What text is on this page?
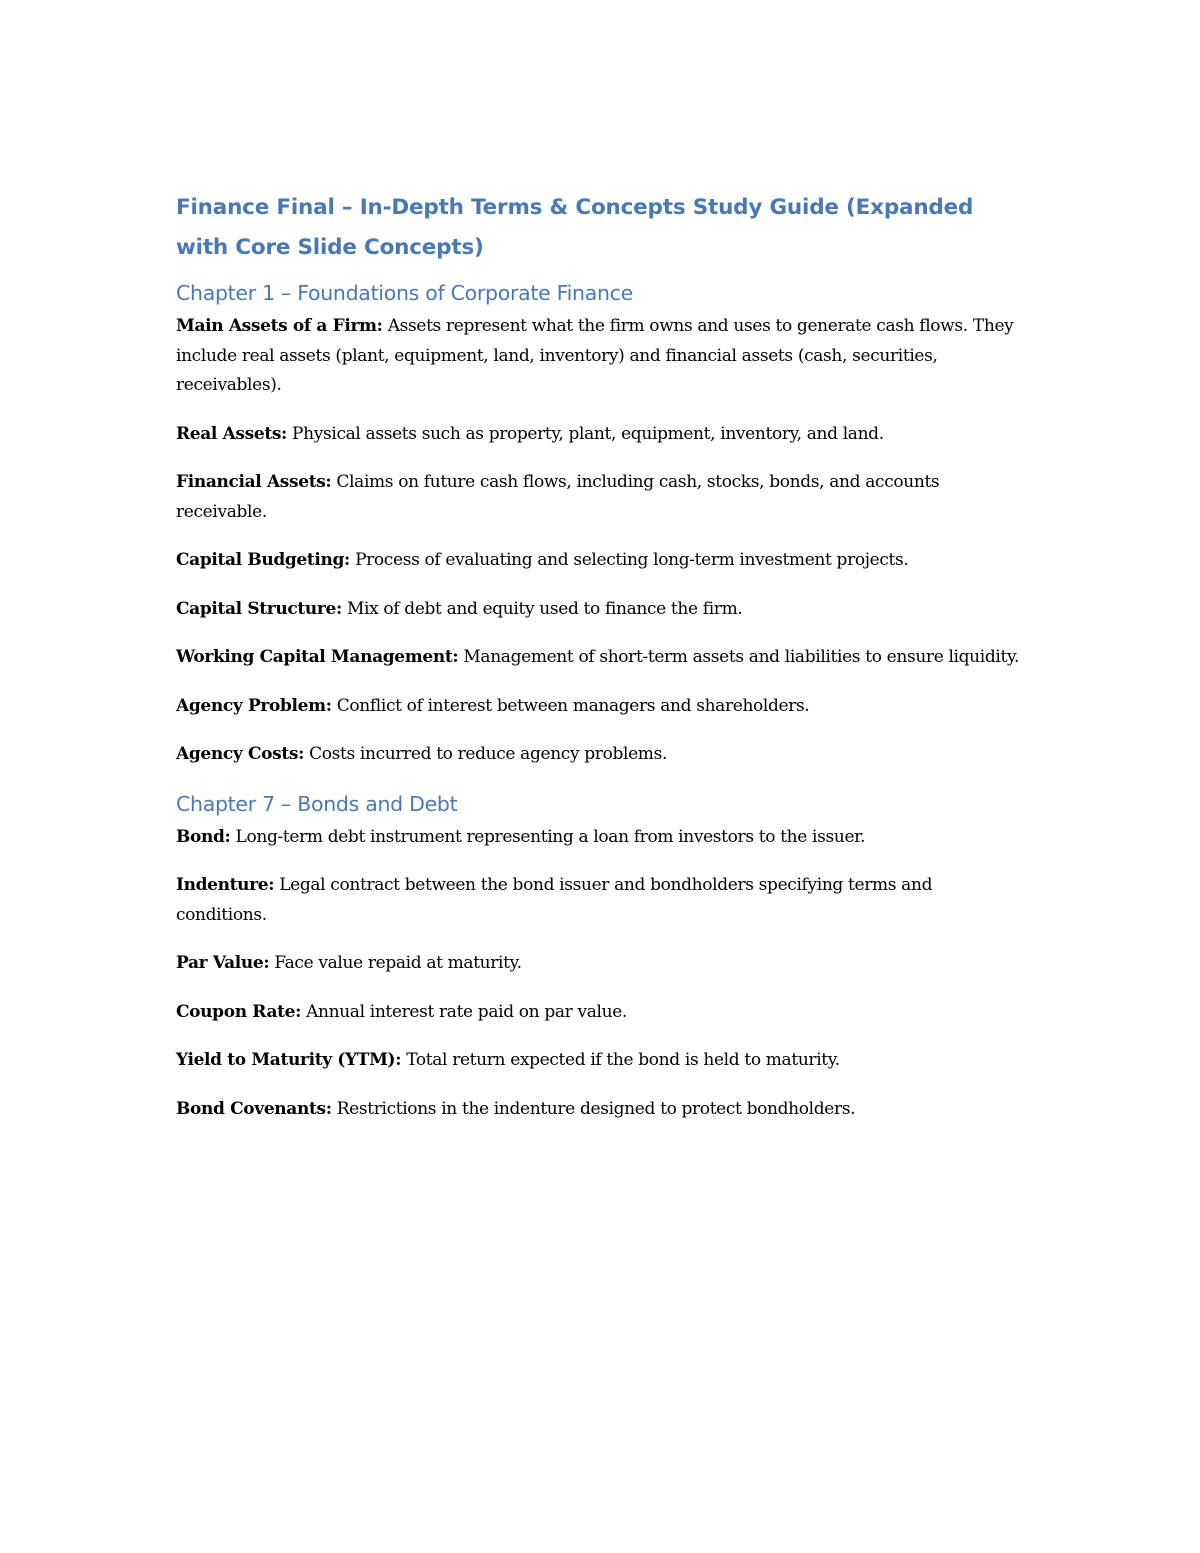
Finance Final – In-Depth Terms & Concepts Study Guide (Expanded with Core Slide Concepts)
Chapter 1 – Foundations of Corporate Finance

Main Assets of a Firm: Assets represent what the firm owns and uses to generate cash flows. They include real assets (plant, equipment, land, inventory) and financial assets (cash, securities, receivables).

Real Assets: Physical assets such as property, plant, equipment, inventory, and land.

Financial Assets: Claims on future cash flows, including cash, stocks, bonds, and accounts receivable.

Capital Budgeting: Process of evaluating and selecting long-term investment projects.

Capital Structure: Mix of debt and equity used to finance the firm.

Working Capital Management: Management of short-term assets and liabilities to ensure liquidity.

Agency Problem: Conflict of interest between managers and shareholders.

Agency Costs: Costs incurred to reduce agency problems.

Chapter 7 – Bonds and Debt

Bond: Long-term debt instrument representing a loan from investors to the issuer.

Indenture: Legal contract between the bond issuer and bondholders specifying terms and conditions.

Par Value: Face value repaid at maturity.

Coupon Rate: Annual interest rate paid on par value.

Yield to Maturity (YTM): Total return expected if the bond is held to maturity.

Bond Covenants: Restrictions in the indenture designed to protect bondholders.
